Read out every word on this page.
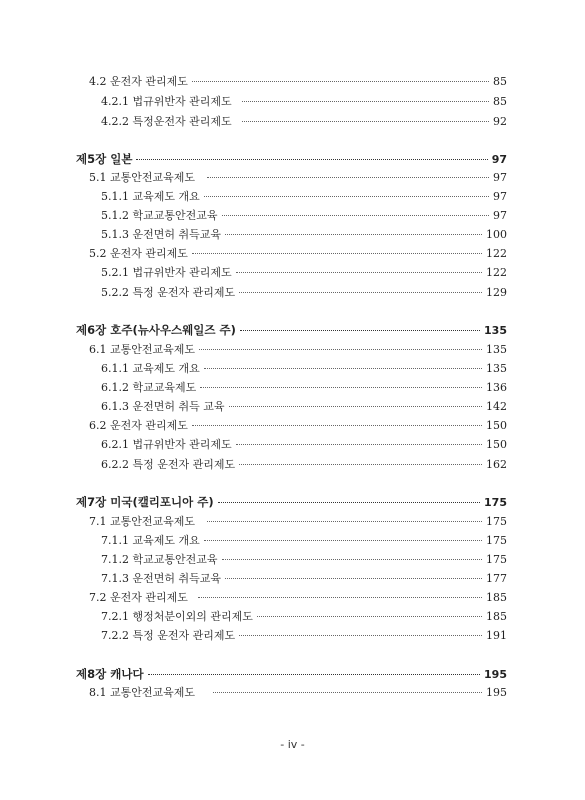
4.2 운전자 관리제도	85
4.2.1 법규위반자 관리제도	85
4.2.2 특정운전자 관리제도	92
제5장 일본	97
5.1 교통안전교육제도	97
5.1.1 교육제도 개요	97
5.1.2 학교교통안전교육	97
5.1.3 운전면허 취득교육	100
5.2 운전자 관리제도	122
5.2.1 법규위반자 관리제도	122
5.2.2 특정 운전자 관리제도	129
제6장 호주(뉴사우스웨일즈 주)	135
6.1 교통안전교육제도	135
6.1.1 교육제도 개요	135
6.1.2 학교교육제도	136
6.1.3 운전면허 취득 교육	142
6.2 운전자 관리제도	150
6.2.1 법규위반자 관리제도	150
6.2.2 특정 운전자 관리제도	162
제7장 미국(캘리포니아 주)	175
7.1 교통안전교육제도	175
7.1.1 교육제도 개요	175
7.1.2 학교교통안전교육	175
7.1.3 운전면허 취득교육	177
7.2 운전자 관리제도	185
7.2.1 행정처분이외의 관리제도	185
7.2.2 특정 운전자 관리제도	191
제8장 캐나다	195
8.1 교통안전교육제도	195
- iv -
